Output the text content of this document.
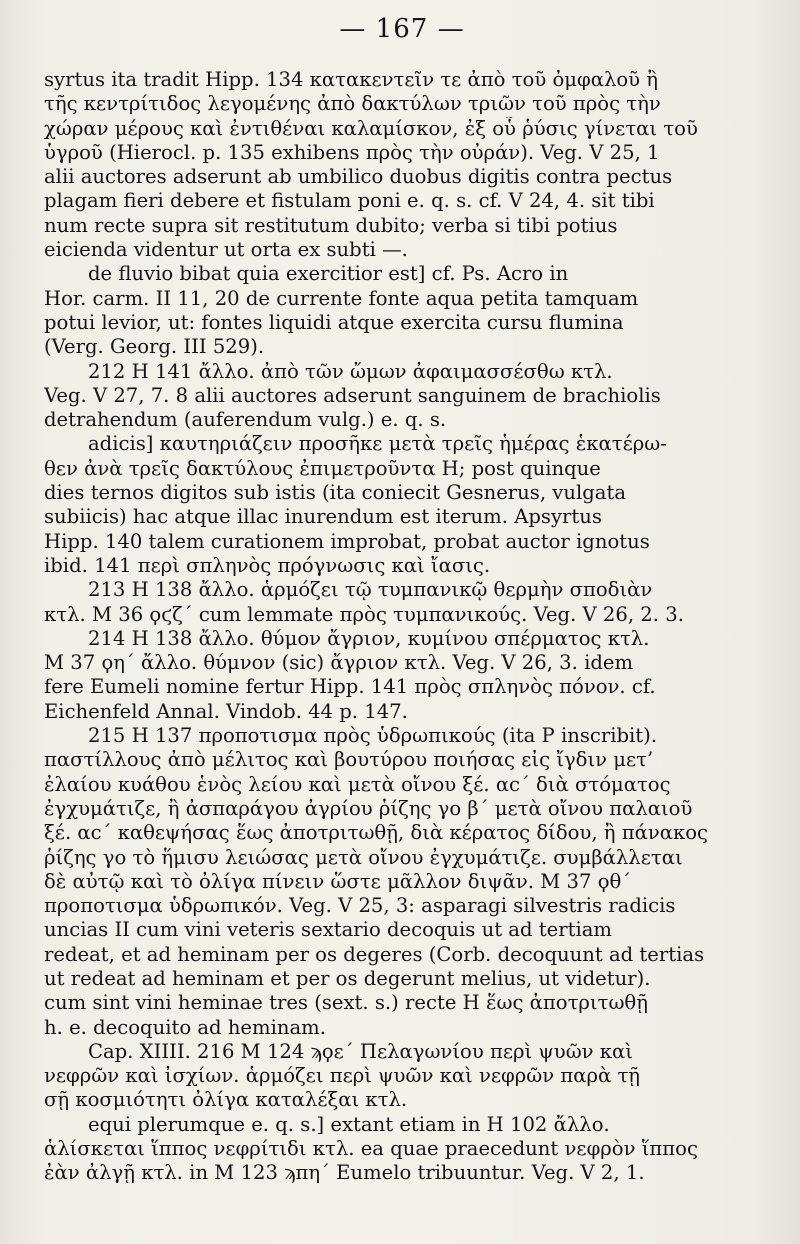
— 167 —
syrtus ita tradit Hipp. 134 κατακεντεῖν τε ἀπὸ τοῦ ὀμφαλοῦ ἢ
τῆς κεντρίτιδος λεγομένης ἀπὸ δακτύλων τριῶν τοῦ πρὸς τὴν
χώραν μέρους καὶ ἐντιθέναι καλαμίσκον, ἐξ οὗ ῥύσις γίνεται τοῦ
ὑγροῦ (Hierocl. p. 135 exhibens πρὸς τὴν οὐράν). Veg. V 25, 1
alii auctores adserunt ab umbilico duobus digitis contra pectus
plagam fieri debere et fistulam poni e. q. s. cf. V 24, 4. sit tibi
num recte supra sit restitutum dubito; verba si tibi potius
eicienda videntur ut orta ex subti —.
de fluvio bibat quia exercitior est] cf. Ps. Acro in
Hor. carm. II 11, 20 de currente fonte aqua petita tamquam
potui levior, ut: fontes liquidi atque exercita cursu flumina
(Verg. Georg. III 529).
212 H 141 ἄλλο. ἀπὸ τῶν ὤμων ἀφαιμασσέσθω κτλ.
Veg. V 27, 7. 8 alii auctores adserunt sanguinem de brachiolis
detrahendum (auferendum vulg.) e. q. s.
adicis] καυτηριάζειν προσῆκε μετὰ τρεῖς ἡμέρας ἑκατέρω-
θεν ἀνὰ τρεῖς δακτύλους ἐπιμετροῦντα H; post quinque
dies ternos digitos sub istis (ita coniecit Gesnerus, vulgata
subiicis) hac atque illac inurendum est iterum. Apsyrtus
Hipp. 140 talem curationem improbat, probat auctor ignotus
ibid. 141 περὶ σπληνὸς πρόγνωσις καὶ ἴασις.
213 H 138 ἄλλο. ἁρμόζει τῷ τυμπανικῷ θερμὴν σποδιὰν
κτλ. M 36 ϙϛζ΄ cum lemmate πρὸς τυμπανικούς. Veg. V 26, 2. 3.
214 H 138 ἄλλο. θύμον ἄγριον, κυμίνου σπέρματος κτλ.
M 37 ϙη΄ ἄλλο. θύμνον (sic) ἄγριον κτλ. Veg. V 26, 3. idem
fere Eumeli nomine fertur Hipp. 141 πρὸς σπληνὸς πόνον. cf.
Eichenfeld Annal. Vindob. 44 p. 147.
215 H 137 προποτισμα πρὸς ὑδρωπικούς (ita P inscribit).
παστίλλους ἀπὸ μέλιτος καὶ βουτύρου ποιήσας εἰς ἴγδιν μετ’
ἐλαίου κυάθου ἑνὸς λείου καὶ μετὰ οἴνου ξέ. αϲ΄ διὰ στόματος
ἐγχυμάτιζε, ἢ ἀσπαράγου ἀγρίου ῥίζης γο β΄ μετὰ οἴνου παλαιοῦ
ξέ. αϲ΄ καθεψήσας ἕως ἀποτριτωθῇ, διὰ κέρατος δίδου, ἢ πάνακος
ῥίζης γο τὸ ἥμισυ λειώσας μετὰ οἴνου ἐγχυμάτιζε. συμβάλλεται
δὲ αὐτῷ καὶ τὸ ὀλίγα πίνειν ὥστε μᾶλλον διψᾶν. M 37 ϙθ΄
προποτισμα ὑδρωπικόν. Veg. V 25, 3: asparagi silvestris radicis
uncias II cum vini veteris sextario decoquis ut ad tertiam
redeat, et ad heminam per os degeres (Corb. decoquunt ad tertias
ut redeat ad heminam et per os degerunt melius, ut videtur).
cum sint vini heminae tres (sext. s.) recte H ἕως ἀποτριτωθῇ
h. e. decoquito ad heminam.
Cap. XIIII. 216 M 124 ϡϙε΄ Πελαγωνίου περὶ ψυῶν καὶ
νεφρῶν καὶ ἰσχίων. ἁρμόζει περὶ ψυῶν καὶ νεφρῶν παρὰ τῇ
σῇ κοσμιότητι ὀλίγα καταλέξαι κτλ.
equi plerumque e. q. s.] extant etiam in H 102 ἄλλο.
ἁλίσκεται ἵππος νεφρίτιδι κτλ. ea quae praecedunt νεφρὸν ἵππος
ἐὰν ἀλγῇ κτλ. in M 123 ϡπη΄ Eumelo tribuuntur. Veg. V 2, 1.
